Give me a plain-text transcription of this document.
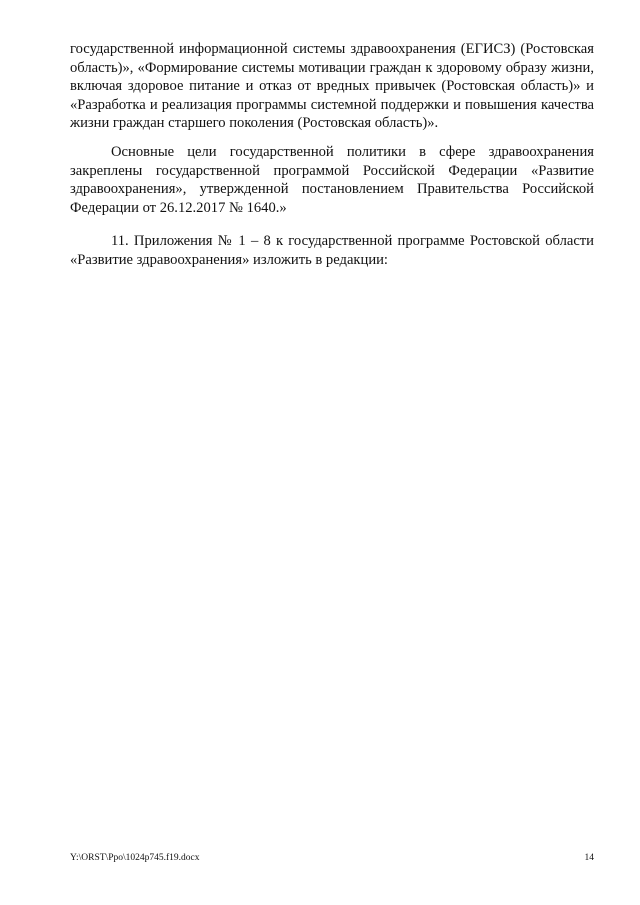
государственной информационной системы здравоохранения (ЕГИСЗ) (Ростовская область)», «Формирование системы мотивации граждан к здоровому образу жизни, включая здоровое питание и отказ от вредных привычек (Ростовская область)» и «Разработка и реализация программы системной поддержки и повышения качества жизни граждан старшего поколения (Ростовская область)».

Основные цели государственной политики в сфере здравоохранения закреплены государственной программой Российской Федерации «Развитие здравоохранения», утвержденной постановлением Правительства Российской Федерации от 26.12.2017 № 1640.»

11. Приложения № 1 – 8 к государственной программе Ростовской области «Развитие здравоохранения» изложить в редакции:

Y:\ORST\Ppo\1024p745.f19.docx	14
